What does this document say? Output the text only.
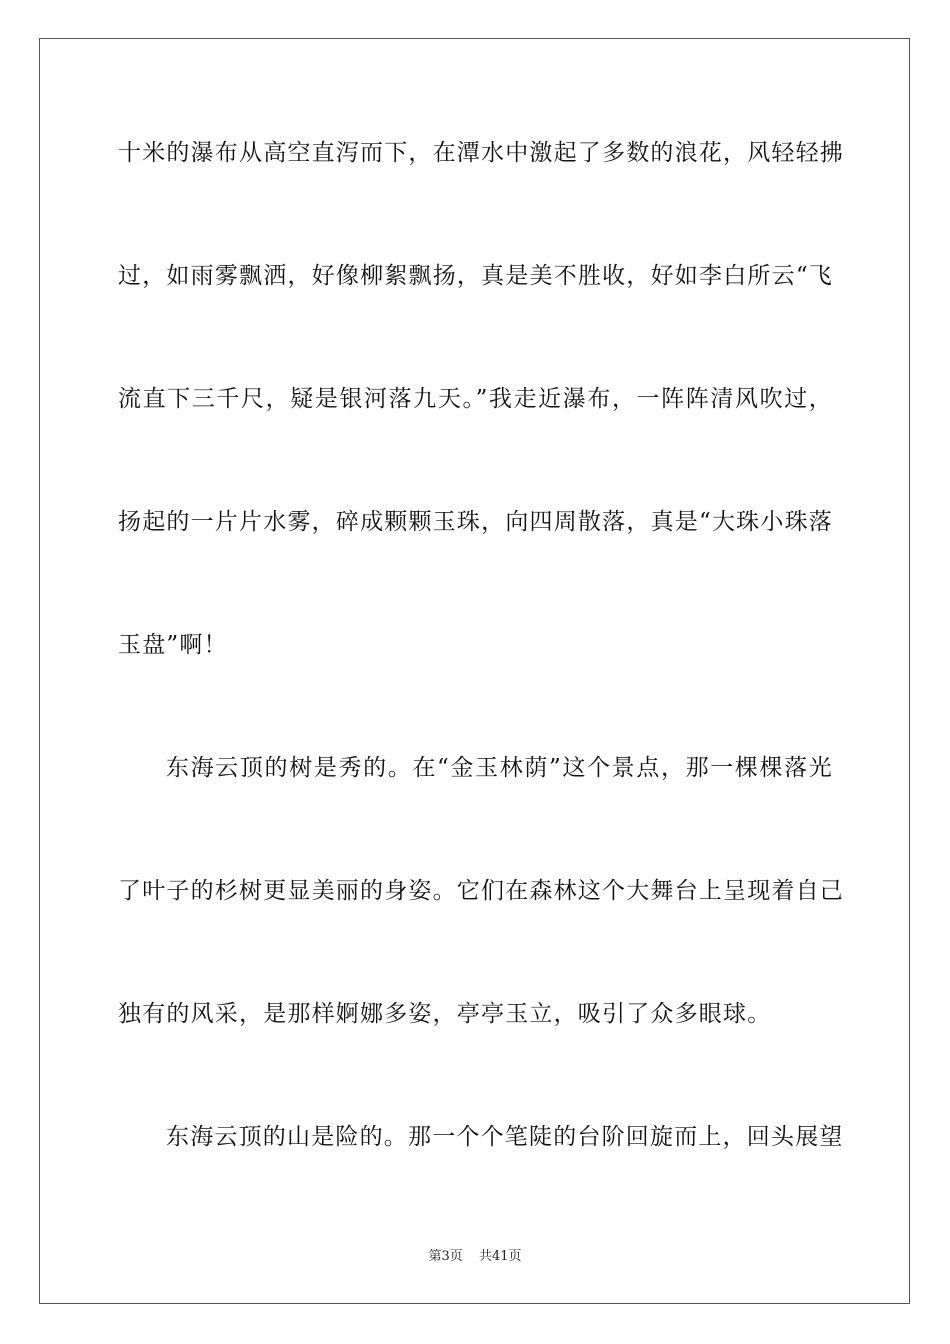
十米的瀑布从高空直泻而下，在潭水中激起了多数的浪花，风轻轻拂
过，如雨雾飘洒，好像柳絮飘扬，真是美不胜收，好如李白所云“飞
流直下三千尺，疑是银河落九天。”我走近瀑布，一阵阵清风吹过，
扬起的一片片水雾，碎成颗颗玉珠，向四周散落，真是“大珠小珠落
玉盘”啊！
东海云顶的树是秀的。在“金玉林荫”这个景点，那一棵棵落光
了叶子的杉树更显美丽的身姿。它们在森林这个大舞台上呈现着自己
独有的风采，是那样婀娜多姿，亭亭玉立，吸引了众多眼球。
东海云顶的山是险的。那一个个笔陡的台阶回旋而上，回头展望
第3页 共41页
